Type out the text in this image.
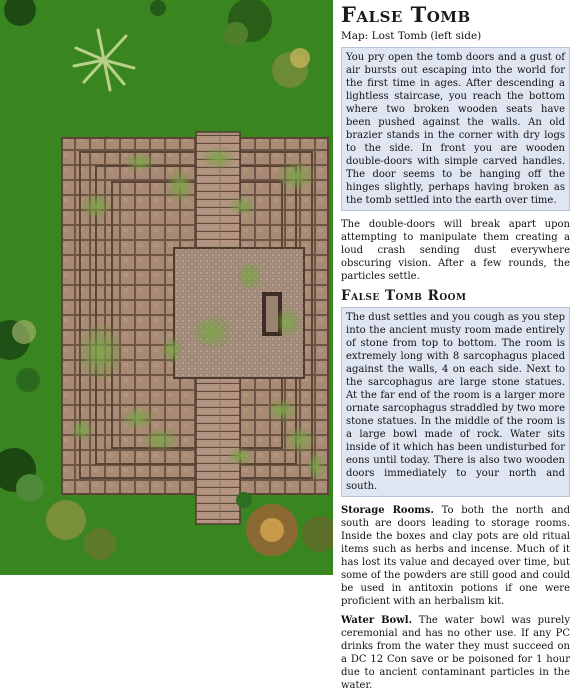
False Tomb
Map: Lost Tomb (left side)
You pry open the tomb doors and a gust of air bursts out escaping into the world for the first time in ages. After descending a lightless staircase, you reach the bottom where two broken wooden seats have been pushed against the walls. An old brazier stands in the corner with dry logs to the side. In front you are wooden double-doors with simple carved handles. The door seems to be hanging off the hinges slightly, perhaps having broken as the tomb settled into the earth over time.

The double-doors will break apart upon attempting to manipulate them creating a loud crash sending dust everywhere obscuring vision. After a few rounds, the particles settle.

False Tomb Room
The dust settles and you cough as you step into the ancient musty room made entirely of stone from top to bottom. The room is extremely long with 8 sarcophagus placed against the walls, 4 on each side. Next to the sarcophagus are large stone statues. At the far end of the room is a larger more ornate sarcophagus straddled by two more stone statues. In the middle of the room is a large bowl made of rock. Water sits inside of it which has been undisturbed for eons until today. There is also two wooden doors immediately to your north and south.

Storage Rooms. To both the north and south are doors leading to storage rooms. Inside the boxes and clay pots are old ritual items such as herbs and incense. Much of it has lost its value and decayed over time, but some of the powders are still good and could be used in antitoxin potions if one were proficient with an herbalism kit.

Water Bowl. The water bowl was purely ceremonial and has no other use. If any PC drinks from the water they must succeed on a DC 12 Con save or be poisoned for 1 hour due to ancient contaminant particles in the water.
